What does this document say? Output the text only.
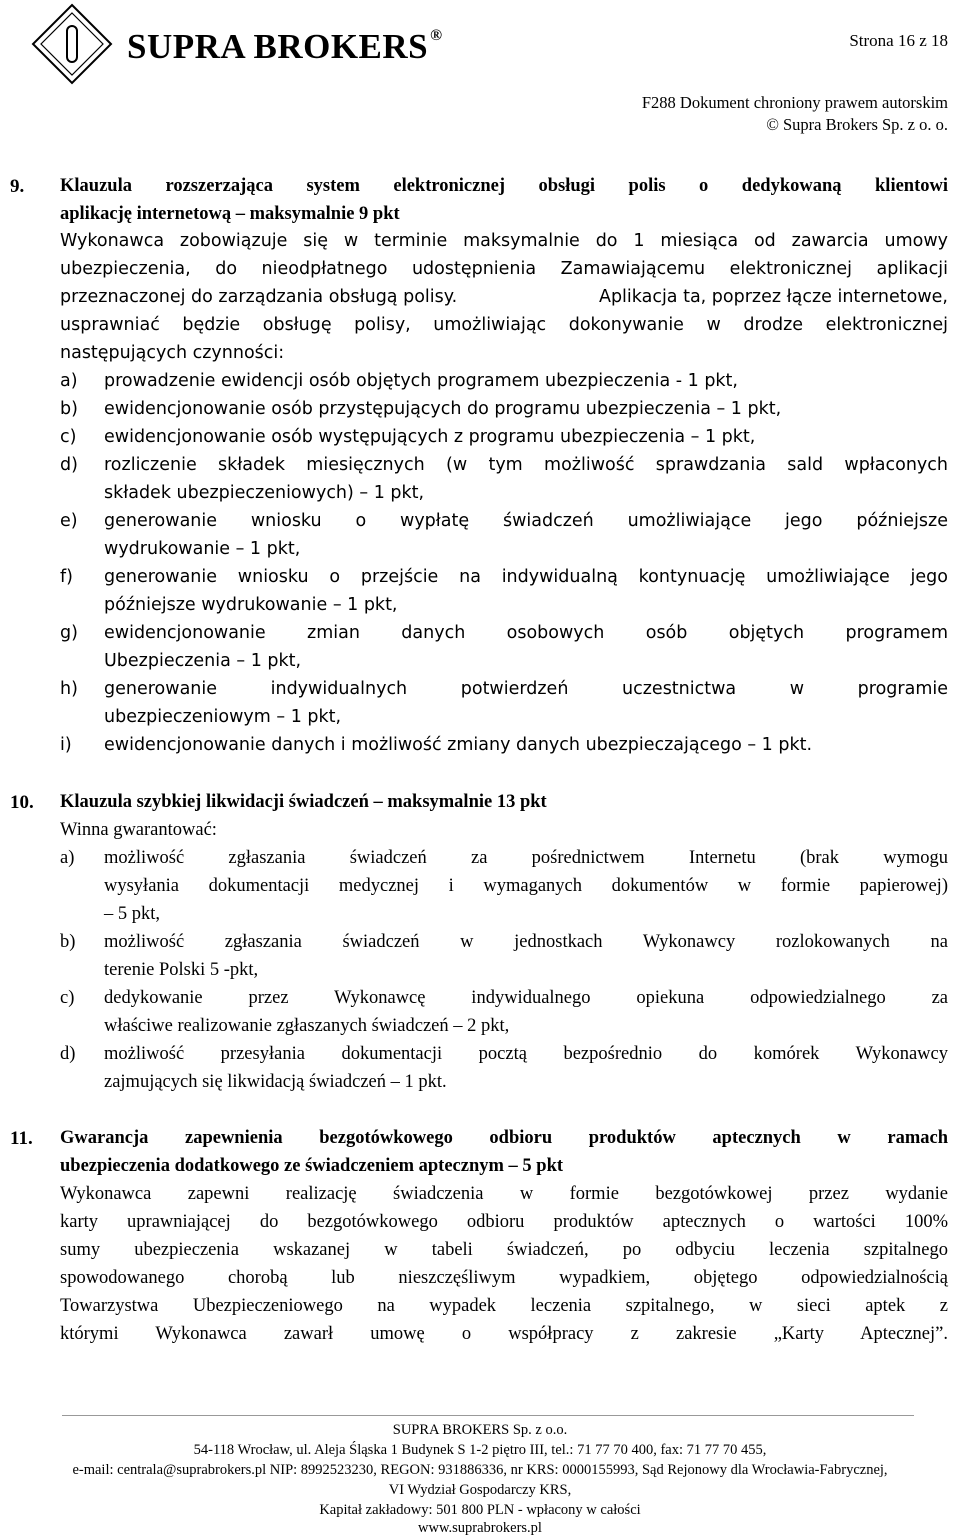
SUPRA BROKERS ®	Strona 16 z 18
F288 Dokument chroniony prawem autorskim
© Supra Brokers Sp. z o. o.
9. Klauzula rozszerzająca system elektronicznej obsługi polis o dedykowaną klientowi
aplikację internetową – maksymalnie 9 pkt
Wykonawca zobowiązuje się w terminie maksymalnie do 1 miesiąca od zawarcia umowy
ubezpieczenia, do nieodpłatnego udostępnienia Zamawiającemu elektronicznej aplikacji
przeznaczonej do zarządzania obsługą polisy.	Aplikacja ta, poprzez łącze internetowe,
usprawniać będzie obsługę polisy, umożliwiając dokonywanie w drodze elektronicznej
następujących czynności:
a) prowadzenie ewidencji osób objętych programem ubezpieczenia - 1 pkt,
b) ewidencjonowanie osób przystępujących do programu ubezpieczenia – 1 pkt,
c) ewidencjonowanie osób występujących z programu ubezpieczenia – 1 pkt,
d) rozliczenie składek miesięcznych (w tym możliwość sprawdzania sald wpłaconych
składek ubezpieczeniowych) – 1 pkt,
e) generowanie wniosku o wypłatę świadczeń umożliwiające jego późniejsze
wydrukowanie – 1 pkt,
f) generowanie wniosku o przejście na indywidualną kontynuację umożliwiające jego
późniejsze wydrukowanie – 1 pkt,
g) ewidencjonowanie zmian danych osobowych osób objętych programem
Ubezpieczenia – 1 pkt,
h) generowanie indywidualnych potwierdzeń uczestnictwa w programie
ubezpieczeniowym – 1 pkt,
i) ewidencjonowanie danych i możliwość zmiany danych ubezpieczającego – 1 pkt.
10. Klauzula szybkiej likwidacji świadczeń – maksymalnie 13 pkt
Winna gwarantować:
a) możliwość zgłaszania świadczeń za pośrednictwem Internetu (brak wymogu
wysyłania dokumentacji medycznej i wymaganych dokumentów w formie papierowej)
– 5 pkt,
b) możliwość zgłaszania świadczeń w jednostkach Wykonawcy rozlokowanych na
terenie Polski 5 -pkt,
c) dedykowanie przez Wykonawcę indywidualnego opiekuna odpowiedzialnego za
właściwe realizowanie zgłaszanych świadczeń – 2 pkt,
d) możliwość przesyłania dokumentacji pocztą bezpośrednio do komórek Wykonawcy
zajmujących się likwidacją świadczeń – 1 pkt.
11. Gwarancja zapewnienia bezgotówkowego odbioru produktów aptecznych w ramach
ubezpieczenia dodatkowego ze świadczeniem aptecznym – 5 pkt
Wykonawca zapewni realizację świadczenia w formie bezgotówkowej przez wydanie
karty uprawniającej do bezgotówkowego odbioru produktów aptecznych o wartości 100%
sumy ubezpieczenia wskazanej w tabeli świadczeń, po odbyciu leczenia szpitalnego
spowodowanego chorobą lub nieszczęśliwym wypadkiem, objętego odpowiedzialnością
Towarzystwa Ubezpieczeniowego na wypadek leczenia szpitalnego, w sieci aptek z
którymi Wykonawca zawarł umowę o współpracy z zakresie „Karty Aptecznej”.
SUPRA BROKERS Sp. z o.o.
54-118 Wrocław, ul. Aleja Śląska 1 Budynek S 1-2 piętro III, tel.: 71 77 70 400, fax: 71 77 70 455,
e-mail: centrala@suprabrokers.pl NIP: 8992523230, REGON: 931886336, nr KRS: 0000155993, Sąd Rejonowy dla Wrocławia-Fabrycznej,
VI Wydział Gospodarczy KRS,
Kapitał zakładowy: 501 800 PLN - wpłacony w całości
www.suprabrokers.pl
